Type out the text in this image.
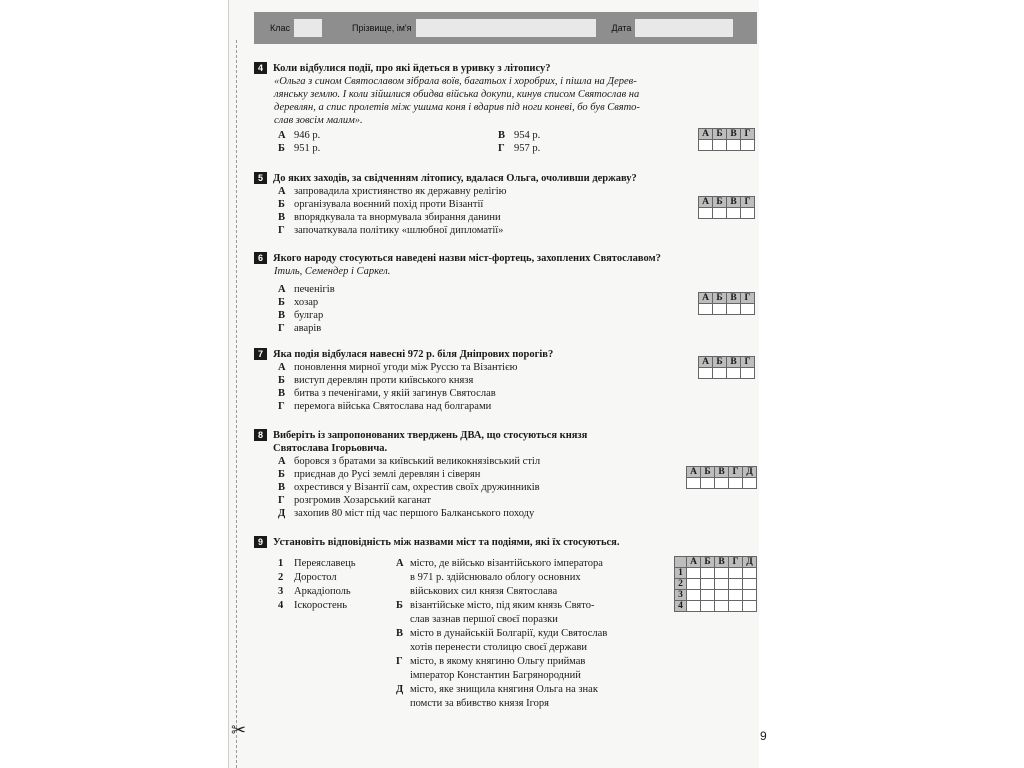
✂
Клас	Прізвище, ім'я	Дата
4 Коли відбулися події, про які йдеться в уривку з літопису?
«Ольга з сином Святославом зібрала воїв, багатьох і хоробрих, і пішла на Дерев-
лянську землю. І коли зійшлися обидва війська докупи, кинув списом Святослав на
деревлян, а спис пролетів між ушима коня і вдарив під ноги коневі, бо був Свято-
слав зовсім малим».
А 946 р.	В 954 р.
Б 951 р.	Г 957 р.
А	Б	В	Г

5 До яких заходів, за свідченням літопису, вдалася Ольга, очоливши державу?
А запровадила християнство як державну релігію
Б організувала воєнний похід проти Візантії
В впорядкувала та внормувала збирання данини
Г започаткувала політику «шлюбної дипломатії»
А	Б	В	Г

6 Якого народу стосуються наведені назви міст-фортець, захоплених Святославом?
Ітиль, Семендер і Саркел.
А печенігів
Б хозар
В булгар
Г аварів
А	Б	В	Г

7 Яка подія відбулася навесні 972 р. біля Дніпрових порогів?
А поновлення мирної угоди між Руссю та Візантією
Б виступ деревлян проти київського князя
В битва з печенігами, у якій загинув Святослав
Г перемога війська Святослава над болгарами
А	Б	В	Г

8 Виберіть із запропонованих тверджень ДВА, що стосуються князя
Святослава Ігорьовича.
А боровся з братами за київський великокнязівський стіл
Б приєднав до Русі землі деревлян і сіверян
В охрестився у Візантії сам, охрестив своїх дружинників
Г розгромив Хозарський каганат
Д захопив 80 міст під час першого Балканського походу
А	Б	В	Г	Д

9 Установіть відповідність між назвами міст та подіями, які їх стосуються.
1	Переяславець
2	Доростол
3	Аркадіополь
4	Іскоростень
А місто, де військо візантійського імператора
в 971 р. здійснювало облогу основних
військових сил князя Святослава
Б візантійське місто, під яким князь Свято-
слав зазнав першої своєї поразки
В місто в дунайській Болгарії, куди Святослав
хотів перенести столицю своєї держави
Г місто, в якому княгиню Ольгу приймав
імператор Константин Багрянородний
Д місто, яке знищила княгиня Ольга на знак
помсти за вбивство князя Ігоря
	А	Б	В	Г	Д
1					
2					
3					
4					
9
